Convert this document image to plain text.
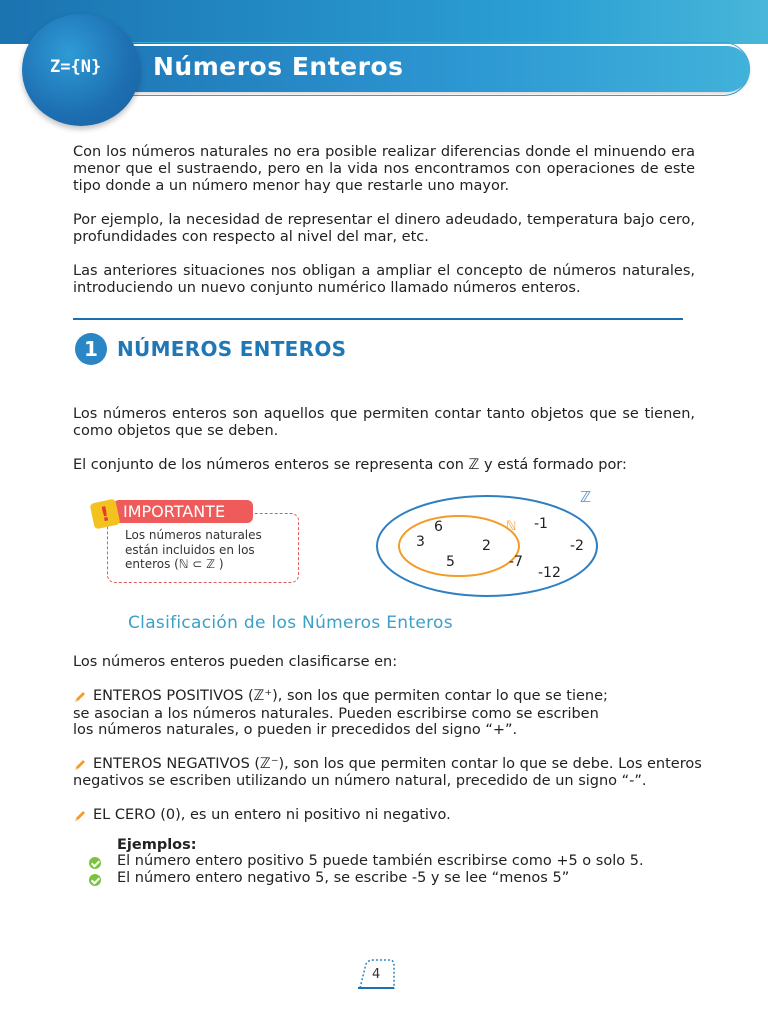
Números Enteros
Z={N}
Con los números naturales no era posible realizar diferencias donde el minuendo era menor que el sustraendo, pero en la vida nos encontramos con operaciones de este tipo donde a un número menor hay que restarle uno mayor.
Por ejemplo, la necesidad de representar el dinero adeudado, temperatura bajo cero, profundidades con respecto al nivel del mar, etc.
Las anteriores situaciones nos obligan a ampliar el concepto de números naturales, introduciendo un nuevo conjunto numérico llamado números enteros.
1 NÚMEROS ENTEROS
Los números enteros son aquellos que permiten contar tanto objetos que se tienen, como objetos que se deben.
El conjunto de los números enteros se representa con ℤ y está formado por:
IMPORTANTE
!
Los números naturales están incluidos en los enteros (ℕ ⊂ ℤ )
ℤ
ℕ
6
3	2
5
-1
-2
-7
-12
Clasificación de los Números Enteros
Los números enteros pueden clasificarse en:
ENTEROS POSITIVOS (ℤ⁺), son los que permiten contar lo que se tiene;
se asocian a los números naturales. Pueden escribirse como se escriben
los números naturales, o pueden ir precedidos del signo “+”.
ENTEROS NEGATIVOS (ℤ⁻), son los que permiten contar lo que se debe. Los enteros
negativos se escriben utilizando un número natural, precedido de un signo “-”.
EL CERO (0), es un entero ni positivo ni negativo.
Ejemplos:
El número entero positivo 5 puede también escribirse como +5 o solo 5.
El número entero negativo 5, se escribe -5 y se lee “menos 5”
4
